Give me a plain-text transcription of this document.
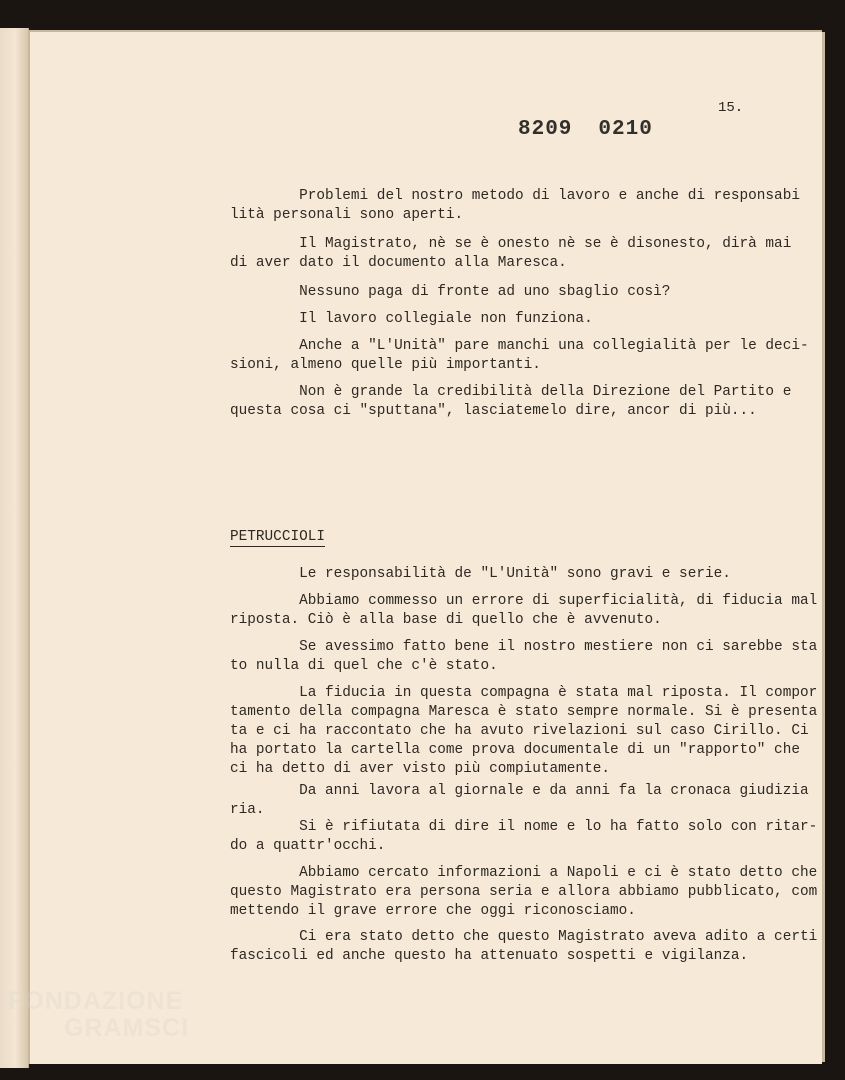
15.
8209 0210
Problemi del nostro metodo di lavoro e anche di responsabi
lità personali sono aperti.
Il Magistrato, nè se è onesto nè se è disonesto, dirà
di aver dato il documento alla Maresca.
Nessuno paga di fronte ad uno sbaglio così?
Il lavoro collegiale non funziona.
Anche a "L'Unità" pare manchi una collegialità per le
sioni, almeno quelle più importanti.
Non è grande la credibilità della Direzione del Partito
questa cosa ci "sputtana", lasciatemelo dire, ancor di più...
PETRUCCIOLI
Le responsabilità de "L'Unità" sono gravi e serie.
Abbiamo commesso un errore di superficialità, di fiducia
riposta. Ciò è alla base di quello che è avvenuto.
Se avessimo fatto bene il nostro mestiere non ci sarebbe
to nulla di quel che c'è stato.
La fiducia in questa compagna è stata mal riposta. Il
tamento della compagna Maresca è stato sempre normale. Si è
ta e ci ha raccontato che ha avuto rivelazioni sul caso Cirillo.
ha portato la cartella come prova documentale di un "rapporto"
ci ha detto di aver visto più compiutamente.
Da anni lavora al giornale e da anni fa la cronaca giudizia
ria.
Si è rifiutata di dire il nome e lo ha fatto solo con
do a quattr'occhi.
Abbiamo cercato informazioni a Napoli e ci è stato detto
questo Magistrato era persona seria e allora abbiamo pubblicato,
mettendo il grave errore che oggi riconosciamo.
Ci era stato detto che questo Magistrato aveva adito a
fascicoli ed anche questo ha attenuato sospetti e vigilanza.
FONDAZIONE
GRAMSCI
